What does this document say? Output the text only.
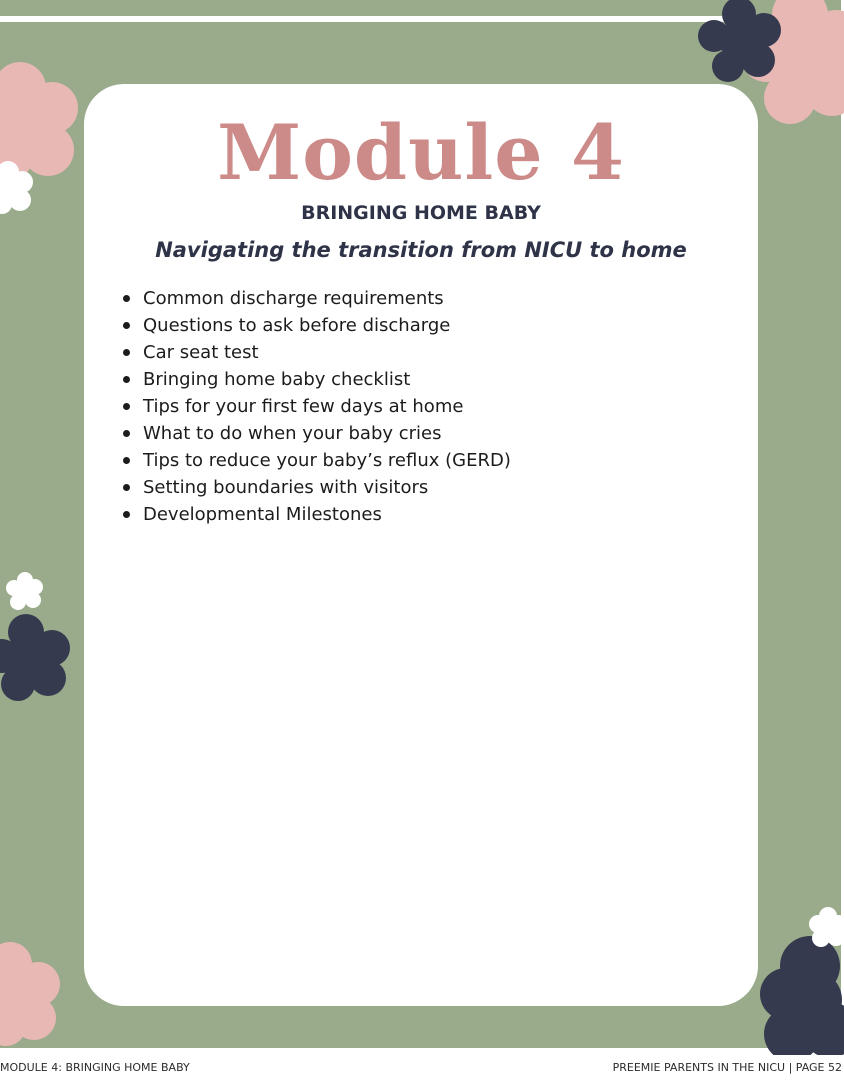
Module 4
BRINGING HOME BABY

Navigating the transition from NICU to home

Common discharge requirements
Questions to ask before discharge
Car seat test
Bringing home baby checklist
Tips for your first few days at home
What to do when your baby cries
Tips to reduce your baby’s reflux (GERD)
Setting boundaries with visitors
Developmental Milestones
MODULE 4: BRINGING HOME BABY	PREEMIE PARENTS IN THE NICU | PAGE 52
